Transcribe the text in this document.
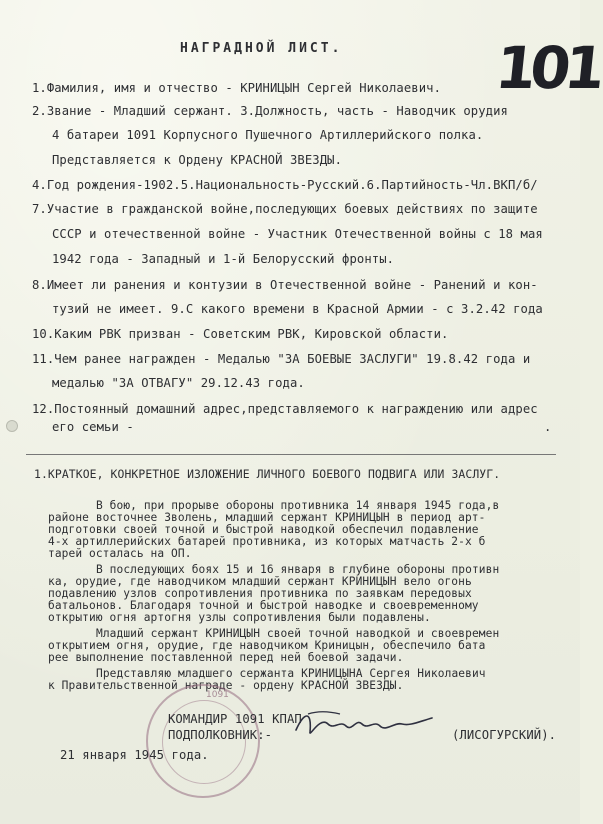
НАГРАДНОЙ ЛИСТ.	101
1.Фамилия, имя и отчество - КРИНИЦЫН Сергей Николаевич.
2.Звание - Младший сержант. 3.Должность, часть - Наводчик орудия
4 батареи 1091 Корпусного Пушечного Артиллерийского полка.
Представляется к Ордену КРАСНОЙ ЗВЕЗДЫ.
4.Год рождения-1902.5.Национальность-Русский.6.Партийность-Чл.ВКП/б/
7.Участие в гражданской войне,последующих боевых действиях по защите
СССР и отечественной войне - Участник Отечественной войны с 18 мая
1942 года - Западный и 1-й Белорусский фронты.
8.Имеет ли ранения и контузии в Отечественной войне - Ранений и кон-
тузий не имеет. 9.С какого времени в Красной Армии - с 3.2.42 года
10.Каким РВК призван - Советским РВК, Кировской области.
11.Чем ранее награжден - Медалью "ЗА БОЕВЫЕ ЗАСЛУГИ" 19.8.42 года и
медалью "ЗА ОТВАГУ" 29.12.43 года.
12.Постоянный домашний адрес,представляемого к награждению или адрес
его семьи -	.
1.КРАТКОЕ, КОНКРЕТНОЕ ИЗЛОЖЕНИЕ ЛИЧНОГО БОЕВОГО ПОДВИГА ИЛИ ЗАСЛУГ.
В бою, при прорыве обороны противника 14 января 1945 года,в
районе восточнее Зволень, младший сержант КРИНИЦЫН в период арт-
подготовки своей точной и быстрой наводкой обеспечил подавление
4-х артиллерийских батарей противника, из которых матчасть 2-х б
тарей осталась на ОП.
В последующих боях 15 и 16 января в глубине обороны противн
ка, орудие, где наводчиком младший сержант КРИНИЦЫН вело огонь
подавлению узлов сопротивления противника по заявкам передовых
батальонов. Благодаря точной и быстрой наводке и своевременному
открытию огня артогня узлы сопротивления были подавлены.
Младший сержант КРИНИЦЫН своей точной наводкой и своевремен
открытием огня, орудие, где наводчиком Криницын, обеспечило бата
рее выполнение поставленной перед ней боевой задачи.
Представляю младшего сержанта КРИНИЦЫНА Сергея Николаевич
к Правительственной награде - ордену КРАСНОЙ ЗВЕЗДЫ.
1091
КОМАНДИР 1091 КПАП
ПОДПОЛКОВНИК:-	(ЛИСОГУРСКИЙ).
21 января 1945 года.
